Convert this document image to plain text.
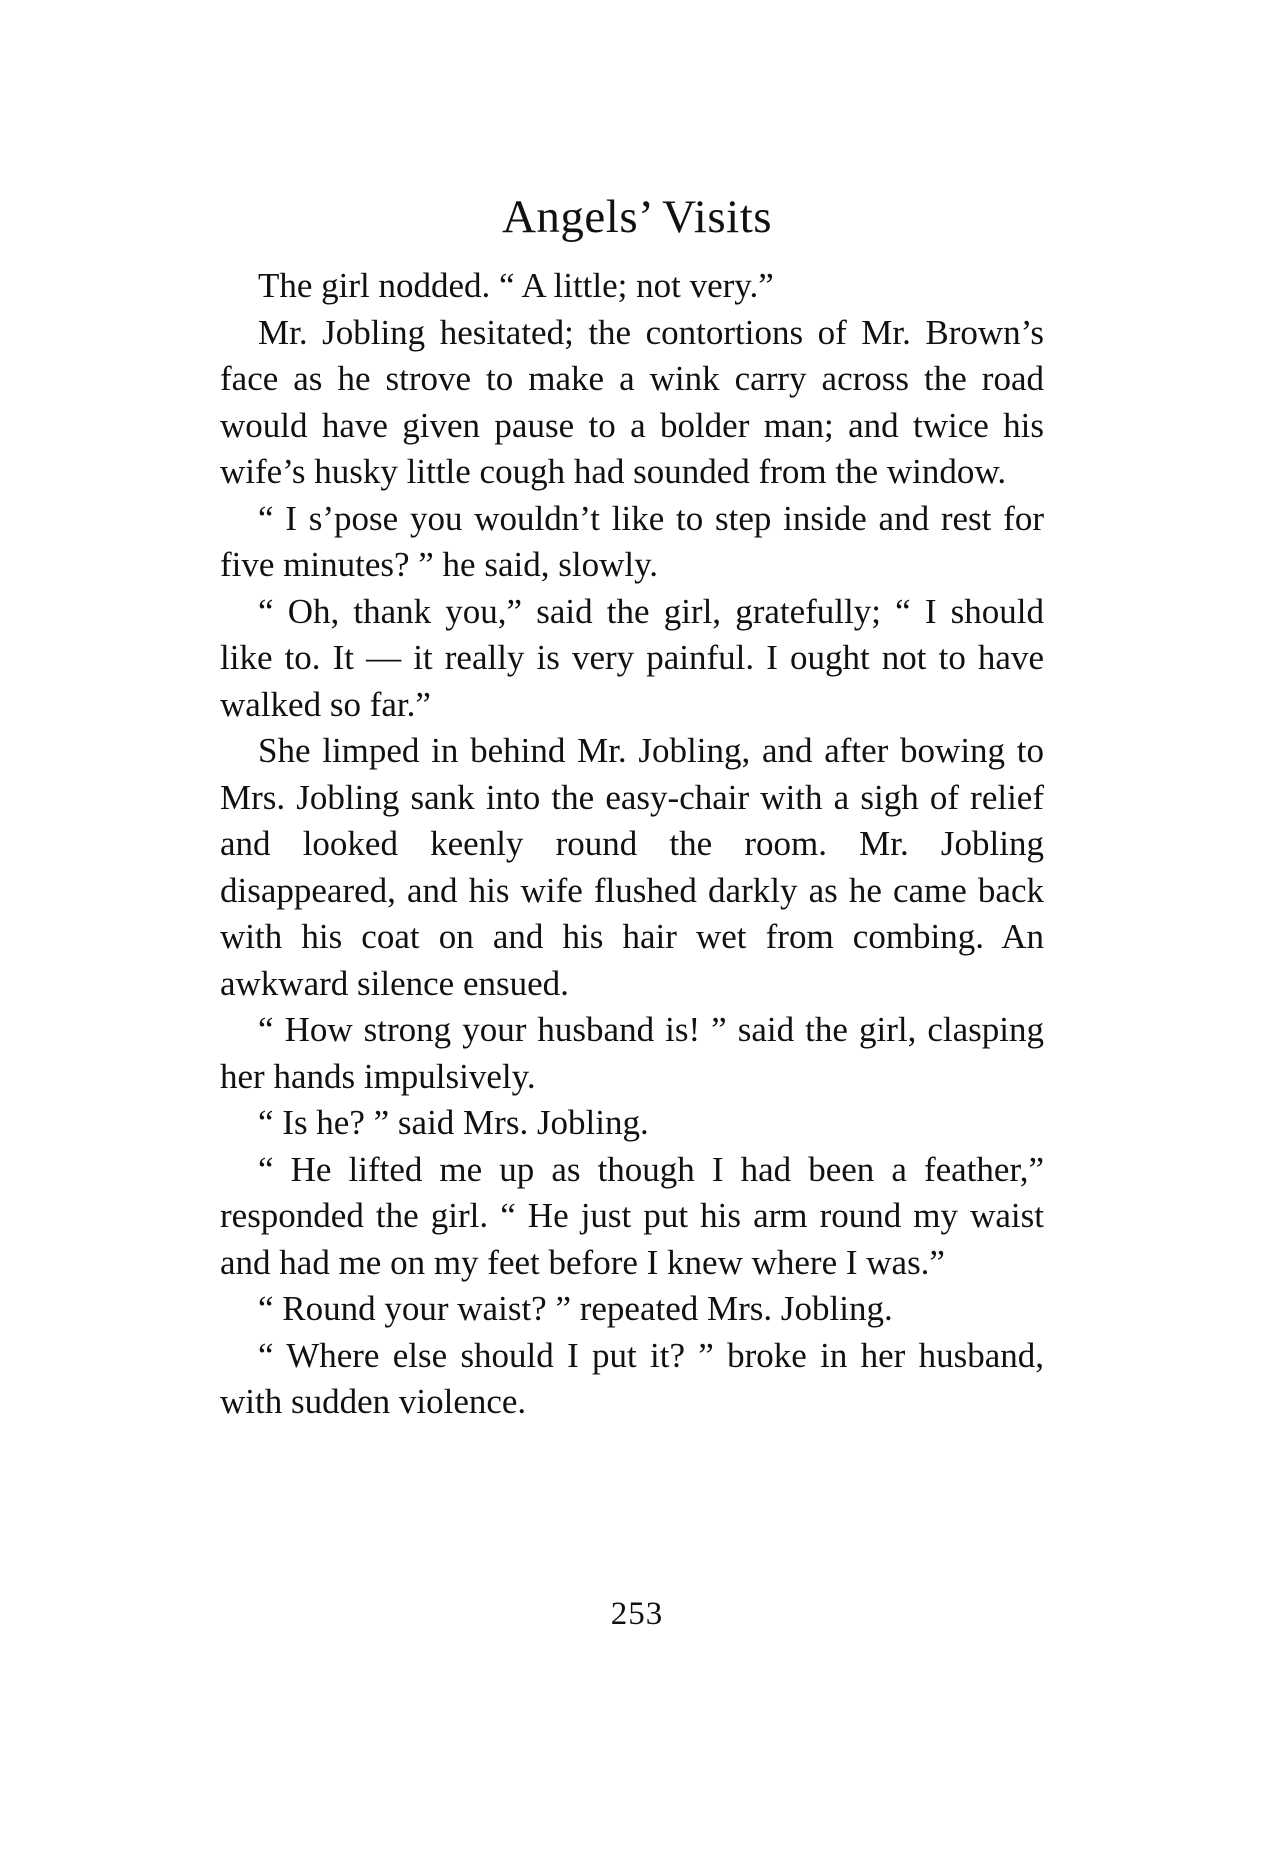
Angels’ Visits

The girl nodded. “ A little; not very.”

Mr. Jobling hesitated; the contortions of Mr. Brown’s face as he strove to make a wink carry across the road would have given pause to a bolder man; and twice his wife’s husky little cough had sounded from the window.

“ I s’pose you wouldn’t like to step inside and rest for five minutes? ” he said, slowly.

“ Oh, thank you,” said the girl, gratefully; “ I should like to. It — it really is very painful. I ought not to have walked so far.”

She limped in behind Mr. Jobling, and after bowing to Mrs. Jobling sank into the easy-chair with a sigh of relief and looked keenly round the room. Mr. Jobling disappeared, and his wife flushed darkly as he came back with his coat on and his hair wet from combing. An awkward silence ensued.

“ How strong your husband is! ” said the girl, clasping her hands impulsively.

“ Is he? ” said Mrs. Jobling.

“ He lifted me up as though I had been a feather,” responded the girl. “ He just put his arm round my waist and had me on my feet before I knew where I was.”

“ Round your waist? ” repeated Mrs. Jobling.

“ Where else should I put it? ” broke in her husband, with sudden violence.

253
